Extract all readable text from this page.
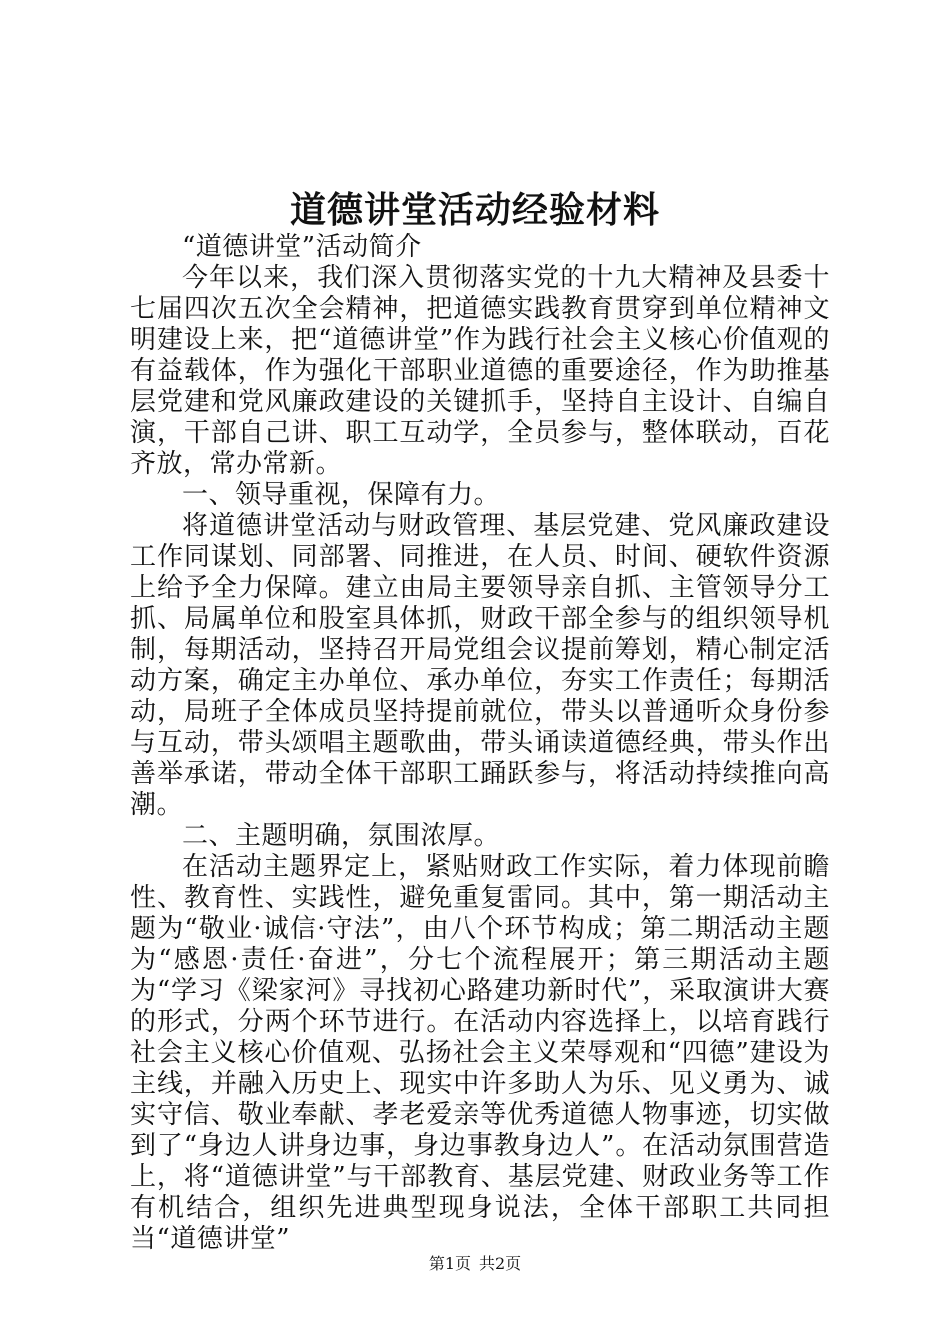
道德讲堂活动经验材料

“道德讲堂”活动简介

今年以来，我们深入贯彻落实党的十九大精神及县委十七届四次五次全会精神，把道德实践教育贯穿到单位精神文明建设上来，把“道德讲堂”作为践行社会主义核心价值观的有益载体，作为强化干部职业道德的重要途径，作为助推基层党建和党风廉政建设的关键抓手，坚持自主设计、自编自演，干部自己讲、职工互动学，全员参与，整体联动，百花齐放，常办常新。

一、领导重视，保障有力。

将道德讲堂活动与财政管理、基层党建、党风廉政建设工作同谋划、同部署、同推进，在人员、时间、硬软件资源上给予全力保障。建立由局主要领导亲自抓、主管领导分工抓、局属单位和股室具体抓，财政干部全参与的组织领导机制，每期活动，坚持召开局党组会议提前筹划，精心制定活动方案，确定主办单位、承办单位，夯实工作责任；每期活动，局班子全体成员坚持提前就位，带头以普通听众身份参与互动，带头颂唱主题歌曲，带头诵读道德经典，带头作出善举承诺，带动全体干部职工踊跃参与，将活动持续推向高潮。

二、主题明确，氛围浓厚。

在活动主题界定上，紧贴财政工作实际，着力体现前瞻性、教育性、实践性，避免重复雷同。其中，第一期活动主题为“敬业·诚信·守法”，由八个环节构成；第二期活动主题为“感恩·责任·奋进”，分七个流程展开；第三期活动主题为“学习《梁家河》寻找初心路建功新时代”，采取演讲大赛的形式，分两个环节进行。在活动内容选择上，以培育践行社会主义核心价值观、弘扬社会主义荣辱观和“四德”建设为主线，并融入历史上、现实中许多助人为乐、见义勇为、诚实守信、敬业奉献、孝老爱亲等优秀道德人物事迹，切实做到了“身边人讲身边事，身边事教身边人”。在活动氛围营造上，将“道德讲堂”与干部教育、基层党建、财政业务等工作有机结合，组织先进典型现身说法，全体干部职工共同担当“道德讲堂”

第1页 共2页
